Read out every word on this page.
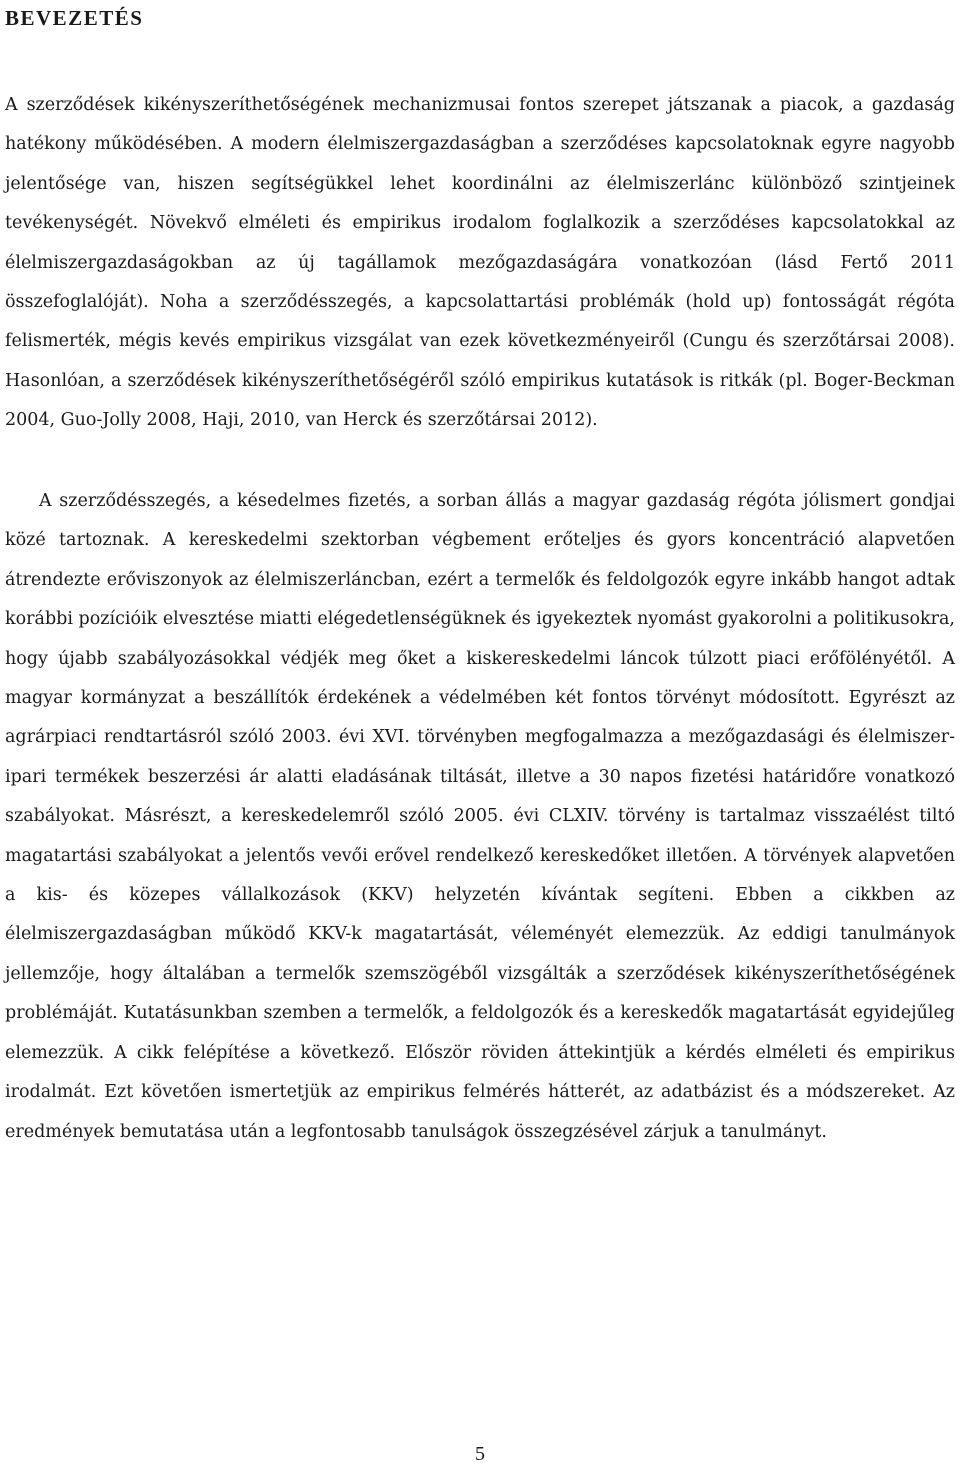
BEVEZETÉS

A szerződések kikényszeríthetőségének mechanizmusai fontos szerepet játszanak a piacok, a gazdaság hatékony működésében. A modern élelmiszergazdaságban a szerződéses kapcsolatoknak egyre nagyobb jelentősége van, hiszen segítségükkel lehet koordinálni az élelmiszerlánc különböző szintjeinek tevékenységét. Növekvő elméleti és empirikus irodalom foglalkozik a szerződéses kapcsolatokkal az élelmiszergazdaságokban az új tagállamok mezőgazdaságára vonatkozóan (lásd Fertő 2011 összefoglalóját). Noha a szerződésszegés, a kapcsolattartási problémák (hold up) fontosságát régóta felismerték, mégis kevés empirikus vizsgálat van ezek következményeiről (Cungu és szerzőtársai 2008). Hasonlóan, a szerződések kikényszeríthetőségéről szóló empirikus kutatások is ritkák (pl. Boger-Beckman 2004, Guo-Jolly 2008, Haji, 2010, van Herck és szerzőtársai 2012).

A szerződésszegés, a késedelmes fizetés, a sorban állás a magyar gazdaság régóta jólismert gondjai közé tartoznak. A kereskedelmi szektorban végbement erőteljes és gyors koncentráció alapvetően átrendezte erőviszonyok az élelmiszerláncban, ezért a termelők és feldolgozók egyre inkább hangot adtak korábbi pozícióik elvesztése miatti elégedetlenségüknek és igyekeztek nyomást gyakorolni a politikusokra, hogy újabb szabályozásokkal védjék meg őket a kiskereskedelmi láncok túlzott piaci erőfölényétől. A magyar kormányzat a beszállítók érdekének a védelmében két fontos törvényt módosított. Egyrészt az agrárpiaci rendtartásról szóló 2003. évi XVI. törvényben megfogalmazza a mezőgazdasági és élelmiszer-ipari termékek beszerzési ár alatti eladásának tiltását, illetve a 30 napos fizetési határidőre vonatkozó szabályokat. Másrészt, a kereskedelemről szóló 2005. évi CLXIV. törvény is tartalmaz visszaélést tiltó magatartási szabályokat a jelentős vevői erővel rendelkező kereskedőket illetően. A törvények alapvetően a kis- és közepes vállalkozások (KKV) helyzetén kívántak segíteni. Ebben a cikkben az élelmiszergazdaságban működő KKV-k magatartását, véleményét elemezzük. Az eddigi tanulmányok jellemzője, hogy általában a termelők szemszögéből vizsgálták a szerződések kikényszeríthetőségének problémáját. Kutatásunkban szemben a termelők, a feldolgozók és a kereskedők magatartását egyidejűleg elemezzük. A cikk felépítése a következő. Először röviden áttekintjük a kérdés elméleti és empirikus irodalmát. Ezt követően ismertetjük az empirikus felmérés hátterét, az adatbázist és a módszereket. Az eredmények bemutatása után a legfontosabb tanulságok összegzésével zárjuk a tanulmányt.

5
